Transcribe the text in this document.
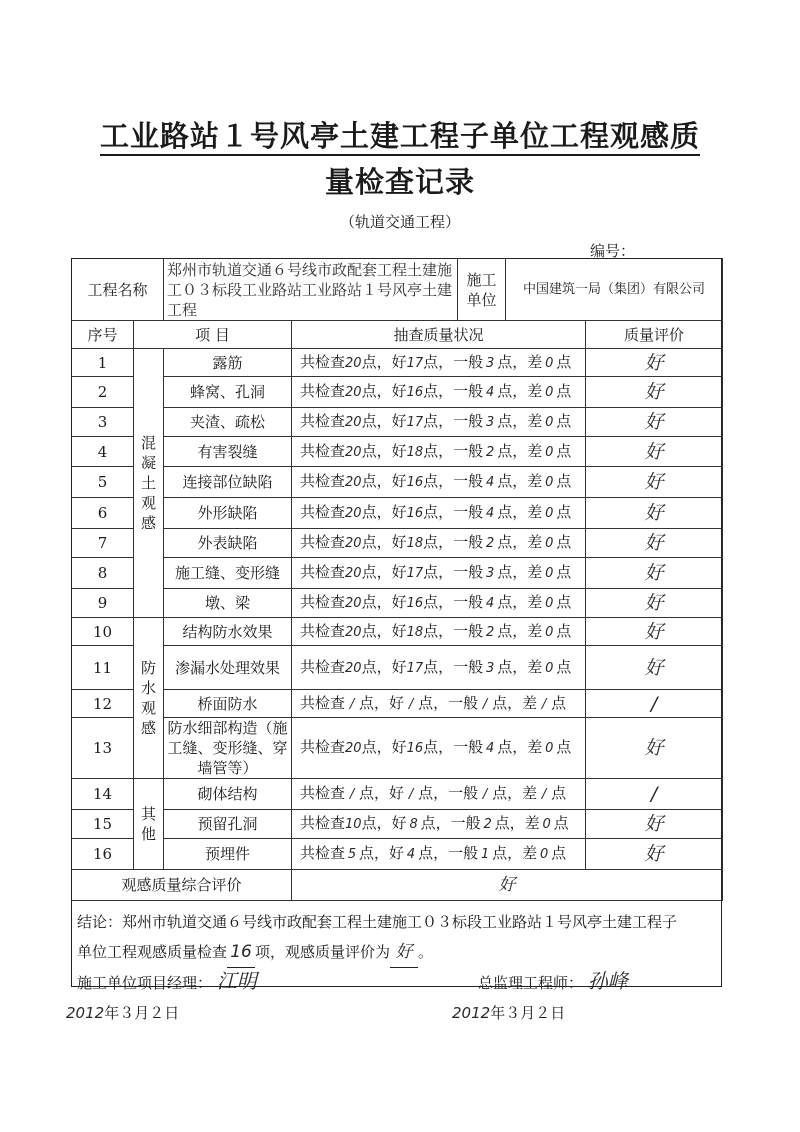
工业路站１号风亭土建工程子单位工程观感质
量检查记录
（轨道交通工程）
编号：
工程名称		郑州市轨道交通６号线市政配套工程土建施工０３标段工业路站工业路站１号风亭土建工程		施工单位	中国建筑一局（集团）有限公司	
序号	项 目		抽查质量状况			质量评价
1	混凝土观感	露筋	共检查20点，好17点，一般 3 点，差 0 点			好
2		蜂窝、孔洞	共检查20点，好16点，一般 4 点，差 0 点			好
3		夹渣、疏松	共检查20点，好17点，一般 3 点，差 0 点			好
4		有害裂缝	共检查20点，好18点，一般 2 点，差 0 点			好
5		连接部位缺陷	共检查20点，好16点，一般 4 点，差 0 点			好
6		外形缺陷	共检查20点，好16点，一般 4 点，差 0 点			好
7		外表缺陷	共检查20点，好18点，一般 2 点，差 0 点			好
8		施工缝、变形缝	共检查20点，好17点，一般 3 点，差 0 点			好
9		墩、梁	共检查20点，好16点，一般 4 点，差 0 点			好
10	防水观感	结构防水效果	共检查20点，好18点，一般 2 点，差 0 点			好
11		渗漏水处理效果	共检查20点，好17点，一般 3 点，差 0 点			好
12		桥面防水	共检查 / 点，好 / 点，一般 / 点，差 / 点			/
13		防水细部构造（施工缝、变形缝、穿墙管等）	共检查20点，好16点，一般 4 点，差 0 点			好
14	其他	砌体结构	共检查 / 点，好 / 点，一般 / 点，差 / 点			/
15		预留孔洞	共检查10点，好 8 点，一般 2 点，差 0 点			好
16		预埋件	共检查 5 点，好 4 点，一般 1 点，差 0 点			好
观感质量综合评价			好			
结论：郑州市轨道交通６号线市政配套工程土建施工０３标段工业路站１号风亭土建工程子
单位工程观感质量检查 16 项，观感质量评价为 好 。
施工单位项目经理： 江明	总监理工程师： 孙峰
2012年３月２日	2012年３月２日
